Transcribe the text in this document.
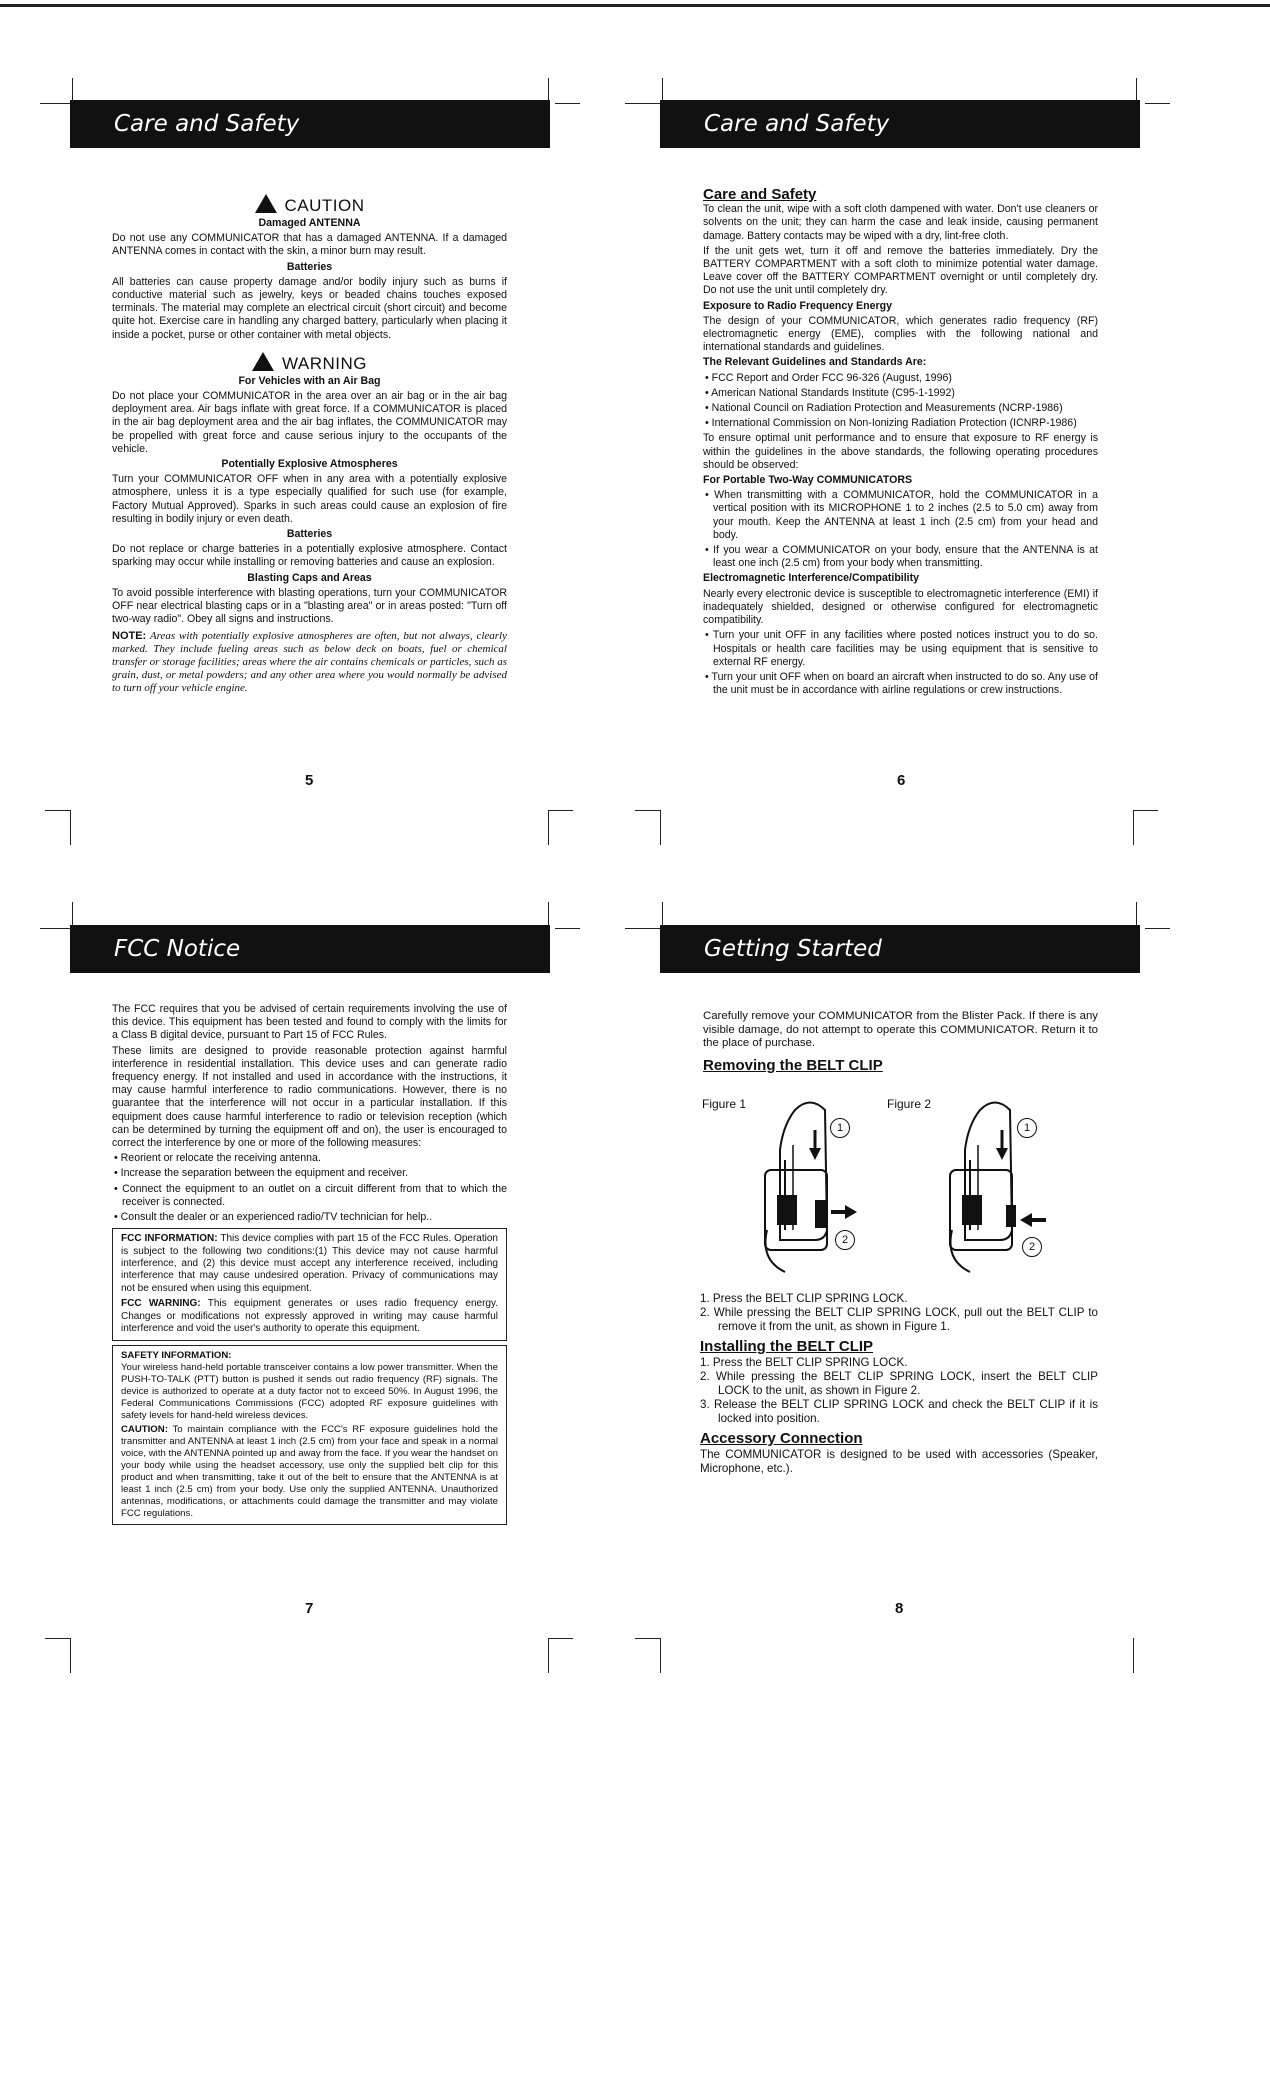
Care and Safety
CAUTION

Damaged ANTENNA

Do not use any COMMUNICATOR that has a damaged ANTENNA. If a damaged ANTENNA comes in contact with the skin, a minor burn may result.

Batteries

All batteries can cause property damage and/or bodily injury such as burns if conductive material such as jewelry, keys or beaded chains touches exposed terminals. The material may complete an electrical circuit (short circuit) and become quite hot. Exercise care in handling any charged battery, particularly when placing it inside a pocket, purse or other container with metal objects.

WARNING

For Vehicles with an Air Bag

Do not place your COMMUNICATOR in the area over an air bag or in the air bag deployment area. Air bags inflate with great force. If a COMMUNICATOR is placed in the air bag deployment area and the air bag inflates, the COMMUNICATOR may be propelled with great force and cause serious injury to the occupants of the vehicle.

Potentially Explosive Atmospheres

Turn your COMMUNICATOR OFF when in any area with a potentially explosive atmosphere, unless it is a type especially qualified for such use (for example, Factory Mutual Approved). Sparks in such areas could cause an explosion of fire resulting in bodily injury or even death.

Batteries

Do not replace or charge batteries in a potentially explosive atmosphere. Contact sparking may occur while installing or removing batteries and cause an explosion.

Blasting Caps and Areas

To avoid possible interference with blasting operations, turn your COMMUNICATOR OFF near electrical blasting caps or in a "blasting area" or in areas posted: "Turn off two-way radio". Obey all signs and instructions.

NOTE: Areas with potentially explosive atmospheres are often, but not always, clearly marked. They include fueling areas such as below deck on boats, fuel or chemical transfer or storage facilities; areas where the air contains chemicals or particles, such as grain, dust, or metal powders; and any other area where you would normally be advised to turn off your vehicle engine.

5
Care and Safety

Care and Safety

To clean the unit, wipe with a soft cloth dampened with water. Don't use cleaners or solvents on the unit; they can harm the case and leak inside, causing permanent damage. Battery contacts may be wiped with a dry, lint-free cloth.

If the unit gets wet, turn it off and remove the batteries immediately. Dry the BATTERY COMPARTMENT with a soft cloth to minimize potential water damage. Leave cover off the BATTERY COMPARTMENT overnight or until completely dry. Do not use the unit until completely dry.

Exposure to Radio Frequency Energy

The design of your COMMUNICATOR, which generates radio frequency (RF) electromagnetic energy (EME), complies with the following national and international standards and guidelines.

The Relevant Guidelines and Standards Are:

• FCC Report and Order FCC 96-326 (August, 1996)

• American National Standards Institute (C95-1-1992)

• National Council on Radiation Protection and Measurements (NCRP-1986)

• International Commission on Non-Ionizing Radiation Protection (ICNRP-1986)

To ensure optimal unit performance and to ensure that exposure to RF energy is within the guidelines in the above standards, the following operating procedures should be observed:

For Portable Two-Way COMMUNICATORS

• When transmitting with a COMMUNICATOR, hold the COMMUNICATOR in a vertical position with its MICROPHONE 1 to 2 inches (2.5 to 5.0 cm) away from your mouth. Keep the ANTENNA at least 1 inch (2.5 cm) from your head and body.

• If you wear a COMMUNICATOR on your body, ensure that the ANTENNA is at least one inch (2.5 cm) from your body when transmitting.

Electromagnetic Interference/Compatibility

Nearly every electronic device is susceptible to electromagnetic interference (EMI) if inadequately shielded, designed or otherwise configured for electromagnetic compatibility.

• Turn your unit OFF in any facilities where posted notices instruct you to do so. Hospitals or health care facilities may be using equipment that is sensitive to external RF energy.

• Turn your unit OFF when on board an aircraft when instructed to do so. Any use of the unit must be in accordance with airline regulations or crew instructions.

6
FCC Notice

The FCC requires that you be advised of certain requirements involving the use of this device. This equipment has been tested and found to comply with the limits for a Class B digital device, pursuant to Part 15 of FCC Rules.

These limits are designed to provide reasonable protection against harmful interference in residential installation. This device uses and can generate radio frequency energy. If not installed and used in accordance with the instructions, it may cause harmful interference to radio communications. However, there is no guarantee that the interference will not occur in a particular installation. If this equipment does cause harmful interference to radio or television reception (which can be determined by turning the equipment off and on), the user is encouraged to correct the interference by one or more of the following measures:

• Reorient or relocate the receiving antenna.

• Increase the separation between the equipment and receiver.

• Connect the equipment to an outlet on a circuit different from that to which the receiver is connected.

• Consult the dealer or an experienced radio/TV technician for help..

FCC INFORMATION: This device complies with part 15 of the FCC Rules. Operation is subject to the following two conditions:(1) This device may not cause harmful interference, and (2) this device must accept any interference received, including interference that may cause undesired operation. Privacy of communications may not be ensured when using this equipment.

FCC WARNING: This equipment generates or uses radio frequency energy. Changes or modifications not expressly approved in writing may cause harmful interference and void the user's authority to operate this equipment.

SAFETY INFORMATION:

Your wireless hand-held portable transceiver contains a low power transmitter. When the PUSH-TO-TALK (PTT) button is pushed it sends out radio frequency (RF) signals. The device is authorized to operate at a duty factor not to exceed 50%. In August 1996, the Federal Communications Commissions (FCC) adopted RF exposure guidelines with safety levels for hand-held wireless devices.

CAUTION: To maintain compliance with the FCC's RF exposure guidelines hold the transmitter and ANTENNA at least 1 inch (2.5 cm) from your face and speak in a normal voice, with the ANTENNA pointed up and away from the face. If you wear the handset on your body while using the headset accessory, use only the supplied belt clip for this product and when transmitting, take it out of the belt to ensure that the ANTENNA is at least 1 inch (2.5 cm) from your body. Use only the supplied ANTENNA. Unauthorized antennas, modifications, or attachments could damage the transmitter and may violate FCC regulations.

7
Getting Started

Carefully remove your COMMUNICATOR from the Blister Pack. If there is any visible damage, do not attempt to operate this COMMUNICATOR. Return it to the place of purchase.

Removing the BELT CLIP

Figure 1	Figure 2
1
2
1
2

1. Press the BELT CLIP SPRING LOCK.

2. While pressing the BELT CLIP SPRING LOCK, pull out the BELT CLIP to remove it from the unit, as shown in Figure 1.

Installing the BELT CLIP

1. Press the BELT CLIP SPRING LOCK.

2. While pressing the BELT CLIP SPRING LOCK, insert the BELT CLIP LOCK to the unit, as shown in Figure 2.

3. Release the BELT CLIP SPRING LOCK and check the BELT CLIP if it is locked into position.

Accessory Connection

The COMMUNICATOR is designed to be used with accessories (Speaker, Microphone, etc.).

8
